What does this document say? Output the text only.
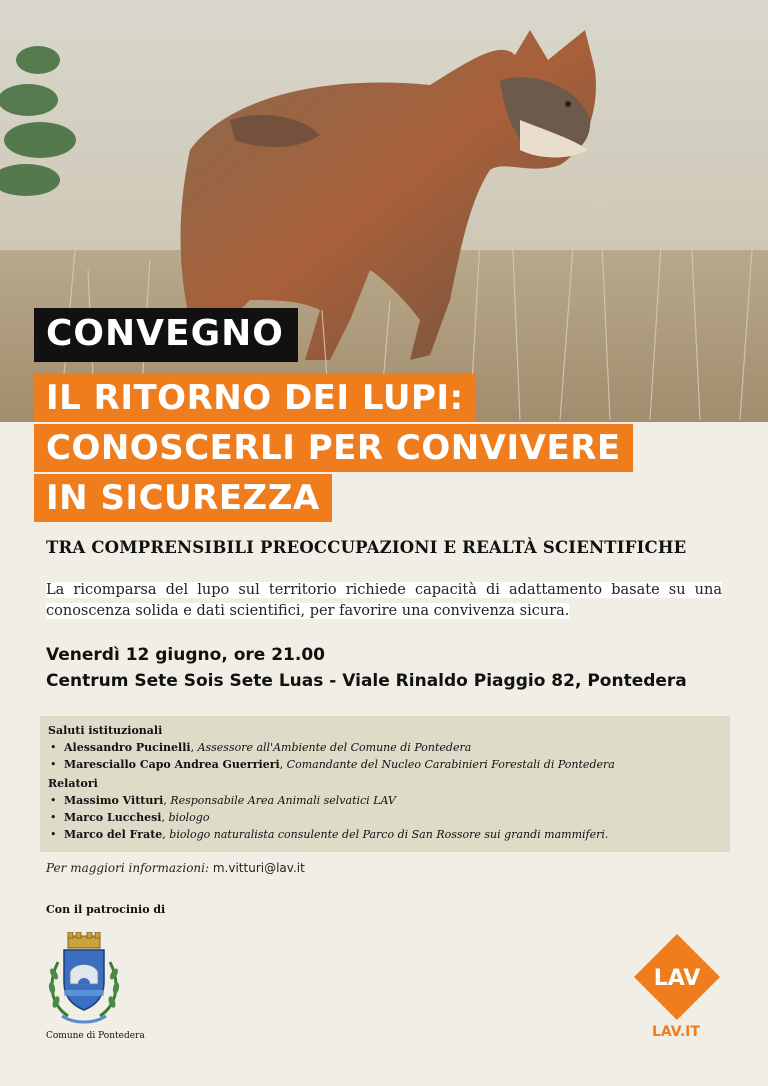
CONVEGNO
IL RITORNO DEI LUPI:
CONOSCERLI PER CONVIVERE
IN SICUREZZA
TRA COMPRENSIBILI PREOCCUPAZIONI E REALTÀ SCIENTIFICHE
La ricomparsa del lupo sul territorio richiede capacità di adattamento basate su una conoscenza solida e dati scientifici, per favorire una convivenza sicura.
Venerdì 12 giugno, ore 21.00
Centrum Sete Sois Sete Luas - Viale Rinaldo Piaggio 82, Pontedera
Saluti istituzionali
• Alessandro Pucinelli, Assessore all'Ambiente del Comune di Pontedera
• Maresciallo Capo Andrea Guerrieri, Comandante del Nucleo Carabinieri Forestali di Pontedera
Relatori
• Massimo Vitturi, Responsabile Area Animali selvatici LAV
• Marco Lucchesi, biologo
• Marco del Frate, biologo naturalista consulente del Parco di San Rossore sui grandi mammiferi.
Per maggiori informazioni: m.vitturi@lav.it
Con il patrocinio di
Comune di Pontedera
LAV
LAV.IT
